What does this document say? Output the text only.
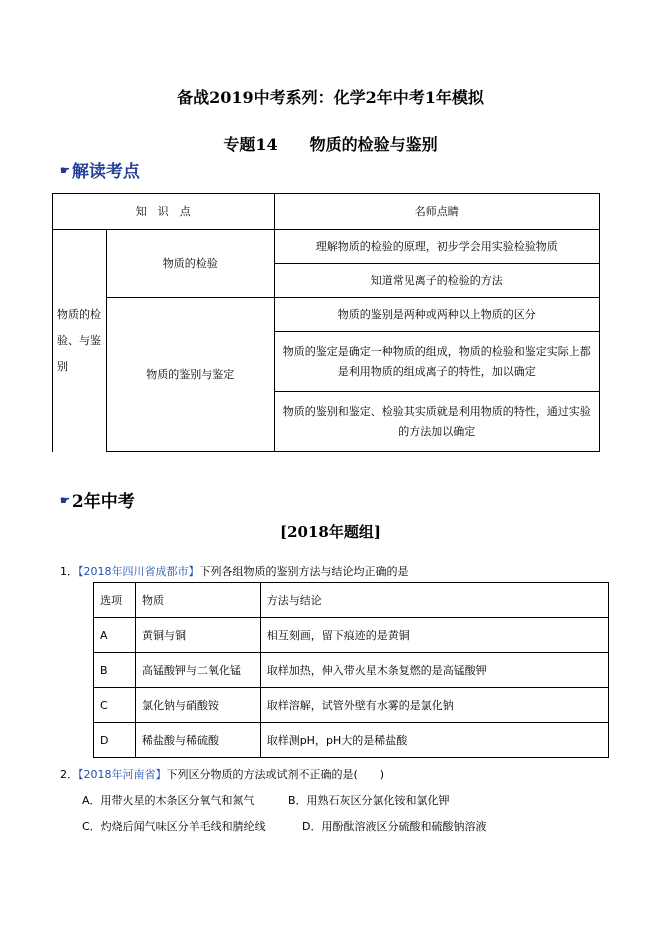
备战2019中考系列：化学2年中考1年模拟
专题14　　物质的检验与鉴别
☛ 解读考点
知　识　点		名师点睛
物质的检验、与鉴别	物质的检验	理解物质的检验的原理，初步学会用实验检验物质
		知道常见离子的检验的方法
	物质的鉴别与鉴定	物质的鉴别是两种或两种以上物质的区分
		物质的鉴定是确定一种物质的组成，物质的检验和鉴定实际上都是利用物质的组成离子的特性，加以确定
		物质的鉴别和鉴定、检验其实质就是利用物质的特性，通过实验的方法加以确定
☛ 2年中考
[2018年题组]
1．【2018年四川省成都市】下列各组物质的鉴别方法与结论均正确的是
选项	物质	方法与结论
A	黄铜与铜	相互刻画，留下痕迹的是黄铜
B	高锰酸钾与二氧化锰	取样加热，伸入带火星木条复燃的是高锰酸钾
C	氯化钠与硝酸铵	取样溶解，试管外壁有水雾的是氯化钠
D	稀盐酸与稀硫酸	取样测pH，pH大的是稀盐酸
2．【2018年河南省】下列区分物质的方法或试剂不正确的是(　　)
A．用带火星的木条区分氧气和氮气	B．用熟石灰区分氯化铵和氯化钾
C．灼烧后闻气味区分羊毛线和腈纶线	D．用酚酞溶液区分硫酸和硫酸钠溶液
